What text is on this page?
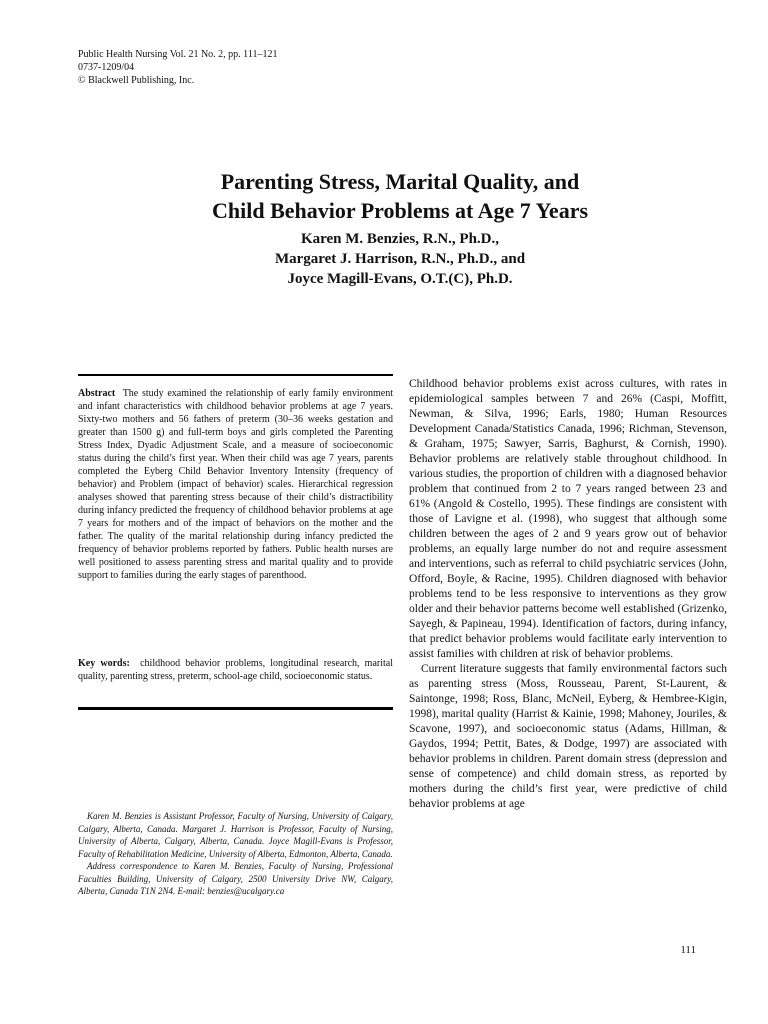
Public Health Nursing Vol. 21 No. 2, pp. 111–121
0737-1209/04
© Blackwell Publishing, Inc.
Parenting Stress, Marital Quality, and
Child Behavior Problems at Age 7 Years
Karen M. Benzies, R.N., Ph.D.,
Margaret J. Harrison, R.N., Ph.D., and
Joyce Magill-Evans, O.T.(C), Ph.D.
Abstract The study examined the relationship of early family environment and infant characteristics with childhood behavior problems at age 7 years. Sixty-two mothers and 56 fathers of preterm (30–36 weeks gestation and greater than 1500 g) and full-term boys and girls completed the Parenting Stress Index, Dyadic Adjustment Scale, and a measure of socioeconomic status during the child’s first year. When their child was age 7 years, parents completed the Eyberg Child Behavior Inventory Intensity (frequency of behavior) and Problem (impact of behavior) scales. Hierarchical regression analyses showed that parenting stress because of their child’s distractibility during infancy predicted the frequency of childhood behavior problems at age 7 years for mothers and of the impact of behaviors on the mother and the father. The quality of the marital relationship during infancy predicted the frequency of behavior problems reported by fathers. Public health nurses are well positioned to assess parenting stress and marital quality and to provide support to families during the early stages of parenthood.
Key words: childhood behavior problems, longitudinal research, marital quality, parenting stress, preterm, school-age child, socioeconomic status.

Karen M. Benzies is Assistant Professor, Faculty of Nursing, University of Calgary, Calgary, Alberta, Canada. Margaret J. Harrison is Professor, Faculty of Nursing, University of Alberta, Calgary, Alberta, Canada. Joyce Magill-Evans is Professor, Faculty of Rehabilitation Medicine, University of Alberta, Edmonton, Alberta, Canada.

Address correspondence to Karen M. Benzies, Faculty of Nursing, Professional Faculties Building, University of Calgary, 2500 University Drive NW, Calgary, Alberta, Canada T1N 2N4. E-mail: benzies@ucalgary.ca

Childhood behavior problems exist across cultures, with rates in epidemiological samples between 7 and 26% (Caspi, Moffitt, Newman, & Silva, 1996; Earls, 1980; Human Resources Development Canada/Statistics Canada, 1996; Richman, Stevenson, & Graham, 1975; Sawyer, Sarris, Baghurst, & Cornish, 1990). Behavior problems are relatively stable throughout childhood. In various studies, the proportion of children with a diagnosed behavior problem that continued from 2 to 7 years ranged between 23 and 61% (Angold & Costello, 1995). These findings are consistent with those of Lavigne et al. (1998), who suggest that although some children between the ages of 2 and 9 years grow out of behavior problems, an equally large number do not and require assessment and interventions, such as referral to child psychiatric services (John, Offord, Boyle, & Racine, 1995). Children diagnosed with behavior problems tend to be less responsive to interventions as they grow older and their behavior patterns become well established (Grizenko, Sayegh, & Papineau, 1994). Identification of factors, during infancy, that predict behavior problems would facilitate early intervention to assist families with children at risk of behavior problems.

Current literature suggests that family environmental factors such as parenting stress (Moss, Rousseau, Parent, St-Laurent, & Saintonge, 1998; Ross, Blanc, McNeil, Eyberg, & Hembree-Kigin, 1998), marital quality (Harrist & Kainie, 1998; Mahoney, Jouriles, & Scavone, 1997), and socioeconomic status (Adams, Hillman, & Gaydos, 1994; Pettit, Bates, & Dodge, 1997) are associated with behavior problems in children. Parent domain stress (depression and sense of competence) and child domain stress, as reported by mothers during the child’s first year, were predictive of child behavior problems at age

111
